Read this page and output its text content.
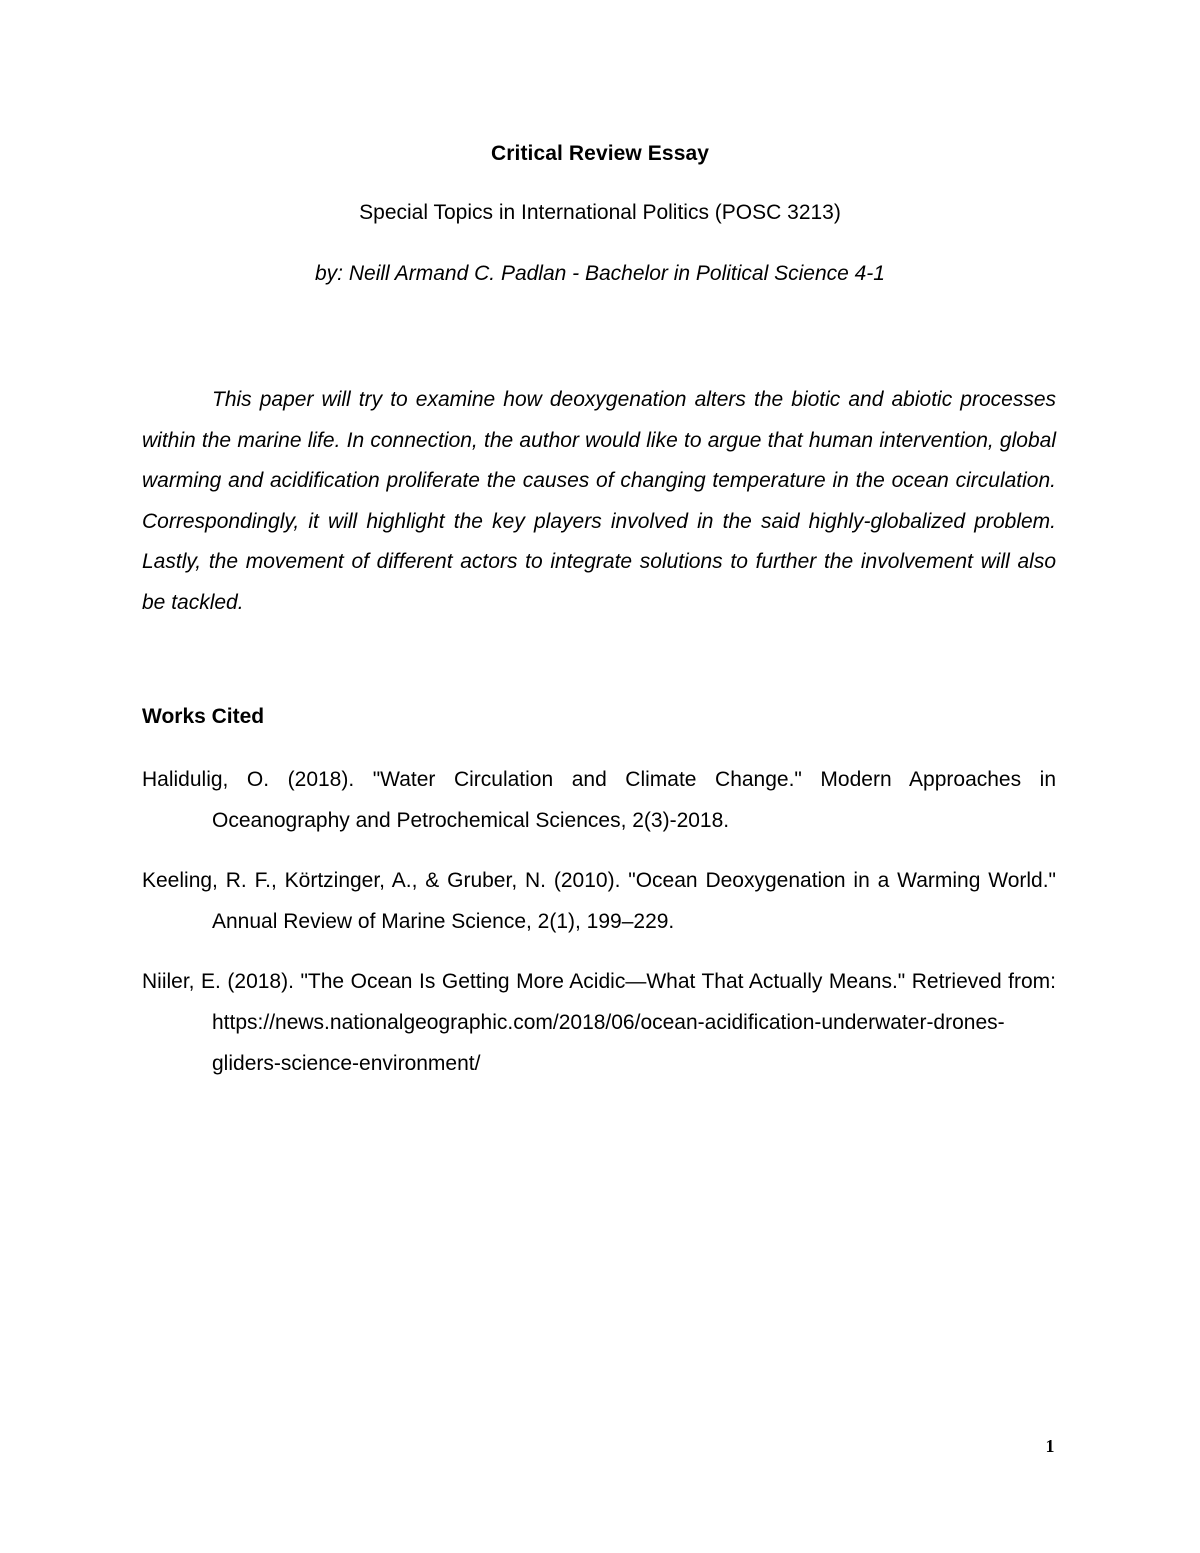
Critical Review Essay
Special Topics in International Politics (POSC 3213)
by: Neill Armand C. Padlan - Bachelor in Political Science 4-1

This paper will try to examine how deoxygenation alters the biotic and abiotic processes within the marine life. In connection, the author would like to argue that human intervention, global warming and acidification proliferate the causes of changing temperature in the ocean circulation. Correspondingly, it will highlight the key players involved in the said highly-globalized problem. Lastly, the movement of different actors to integrate solutions to further the involvement will also be tackled.

Works Cited
Halidulig, O. (2018). "Water Circulation and Climate Change." Modern Approaches in Oceanography and Petrochemical Sciences, 2(3)-2018.
Keeling, R. F., Körtzinger, A., & Gruber, N. (2010). "Ocean Deoxygenation in a Warming World." Annual Review of Marine Science, 2(1), 199–229.
Niiler, E. (2018). "The Ocean Is Getting More Acidic—What That Actually Means." Retrieved from: https://news.nationalgeographic.com/2018/06/ocean-acidification-underwater-drones-gliders-science-environment/
1
